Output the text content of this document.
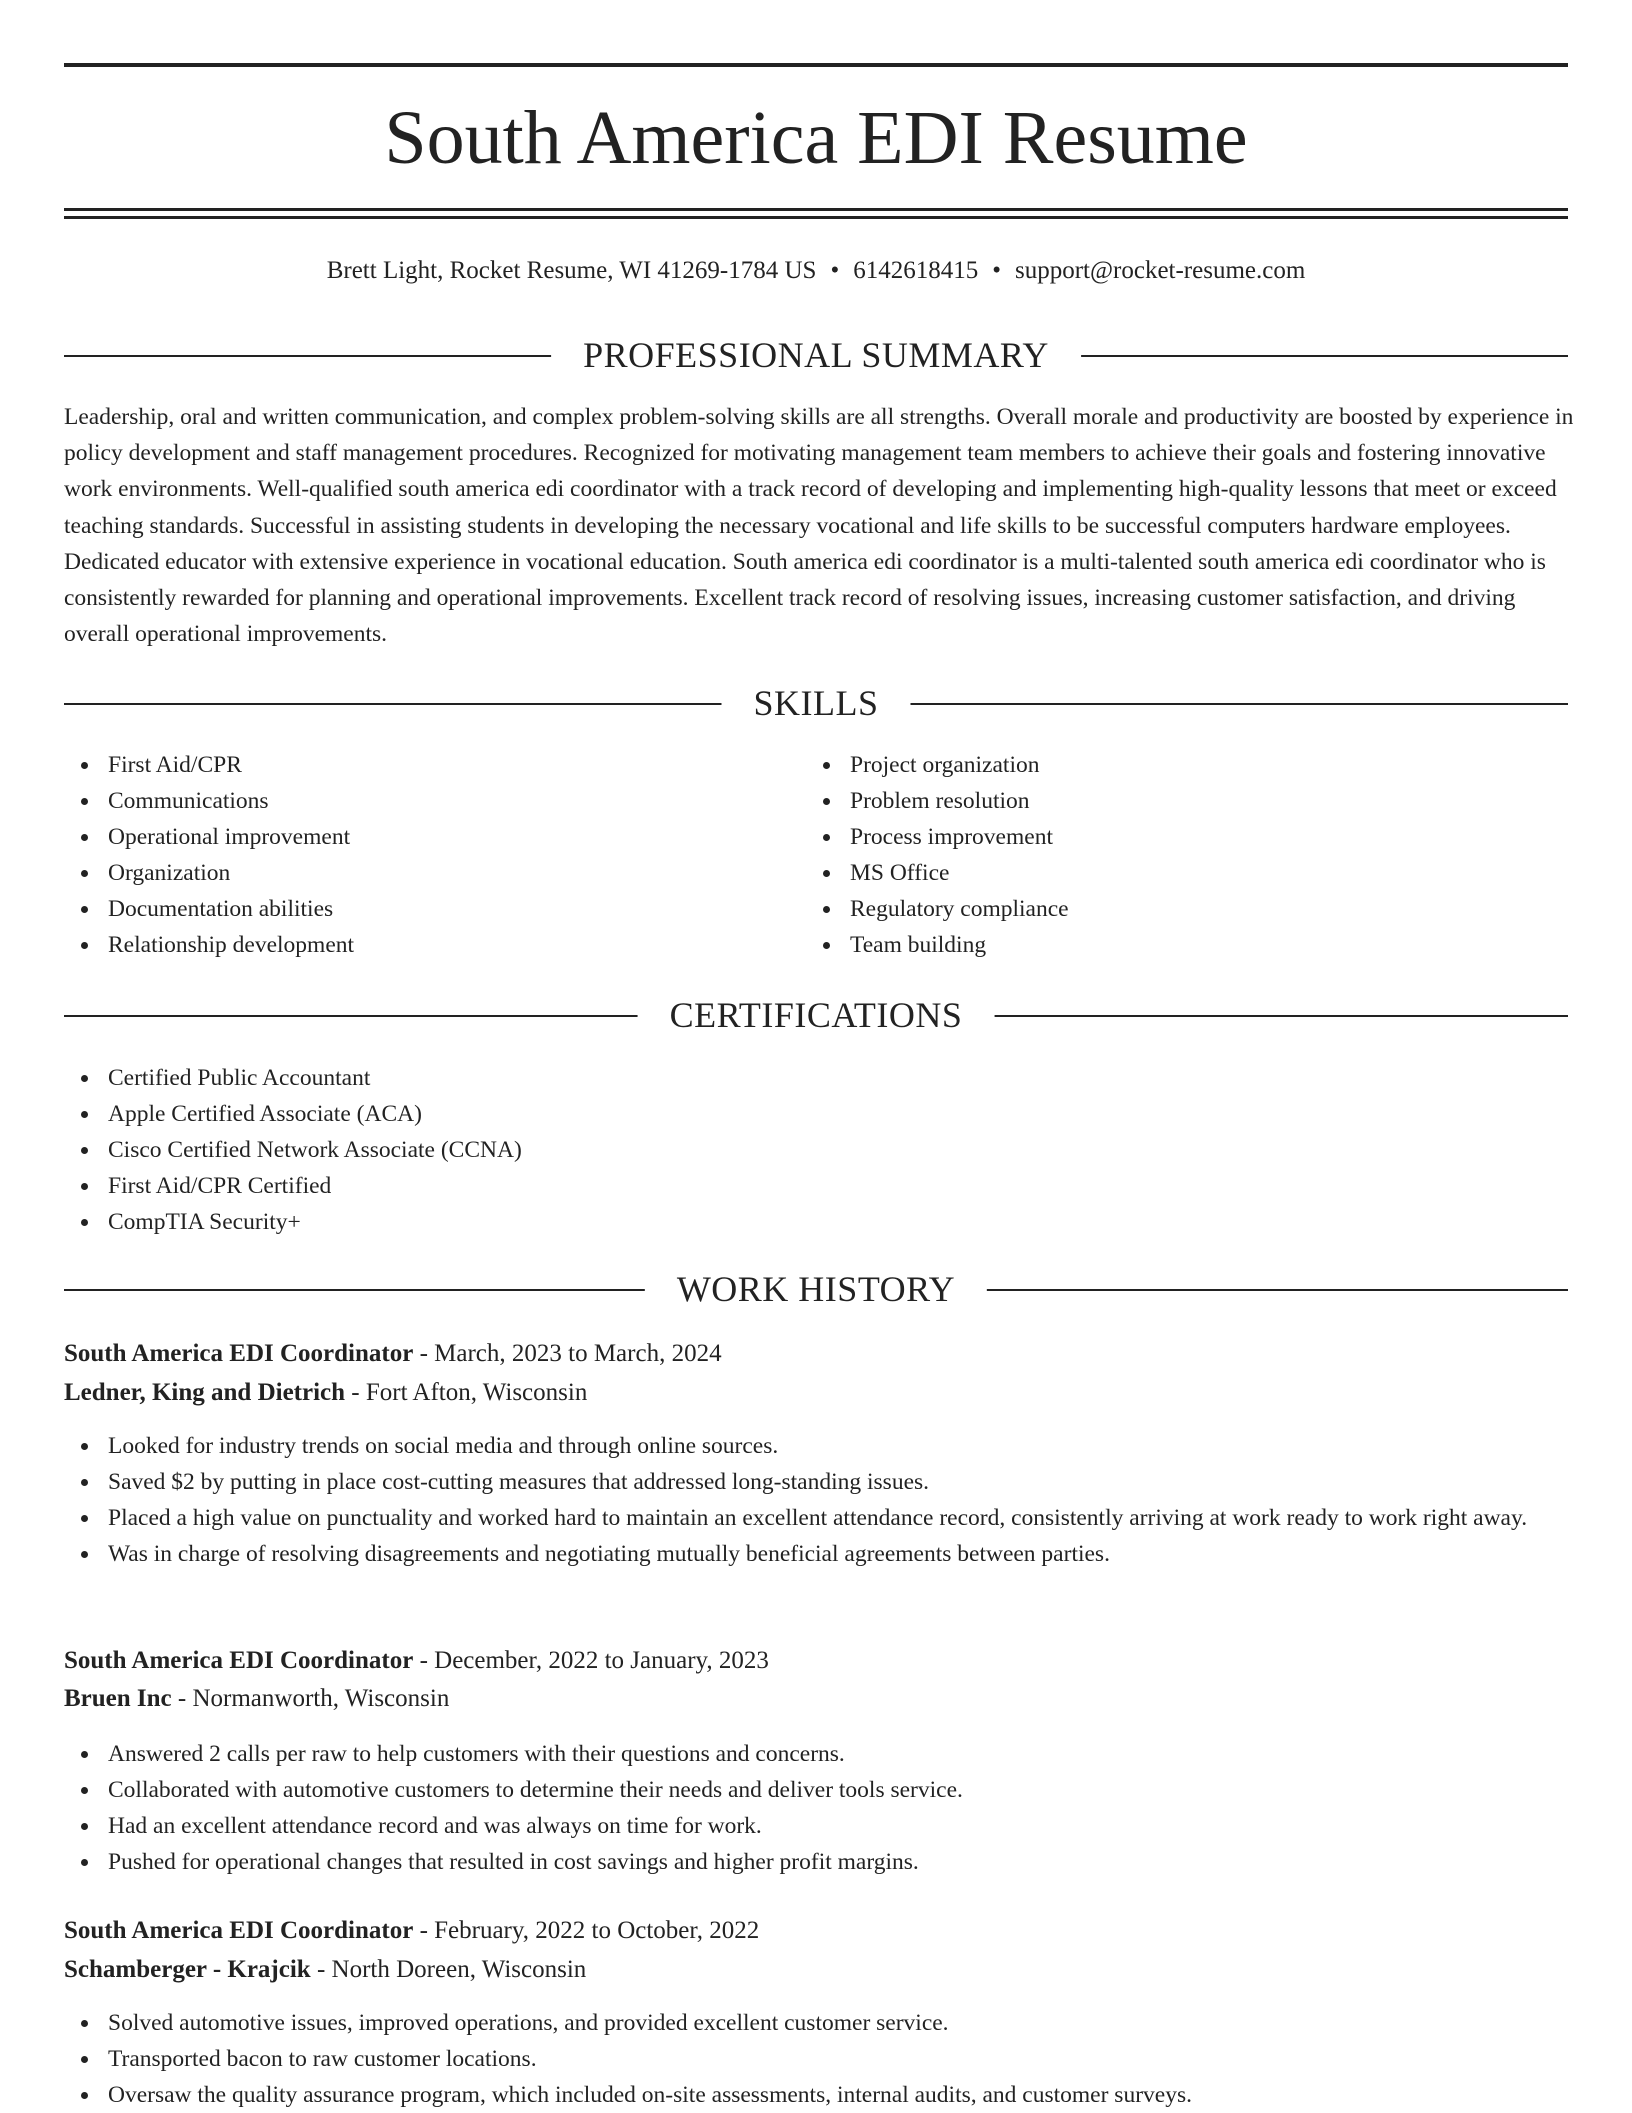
South America EDI Resume
Brett Light, Rocket Resume, WI 41269-1784 US • 6142618415 • support@rocket-resume.com
PROFESSIONAL SUMMARY

Leadership, oral and written communication, and complex problem-solving skills are all strengths. Overall morale and productivity are boosted by experience in policy development and staff management procedures. Recognized for motivating management team members to achieve their goals and fostering innovative work environments. Well-qualified south america edi coordinator with a track record of developing and implementing high-quality lessons that meet or exceed teaching standards. Successful in assisting students in developing the necessary vocational and life skills to be successful computers hardware employees. Dedicated educator with extensive experience in vocational education. South america edi coordinator is a multi-talented south america edi coordinator who is consistently rewarded for planning and operational improvements. Excellent track record of resolving issues, increasing customer satisfaction, and driving overall operational improvements.

SKILLS
First Aid/CPR
Communications
Operational improvement
Organization
Documentation abilities
Relationship development
Project organization
Problem resolution
Process improvement
MS Office
Regulatory compliance
Team building
CERTIFICATIONS
Certified Public Accountant
Apple Certified Associate (ACA)
Cisco Certified Network Associate (CCNA)
First Aid/CPR Certified
CompTIA Security+
WORK HISTORY
South America EDI Coordinator - March, 2023 to March, 2024
Ledner, King and Dietrich - Fort Afton, Wisconsin
Looked for industry trends on social media and through online sources.
Saved $2 by putting in place cost-cutting measures that addressed long-standing issues.
Placed a high value on punctuality and worked hard to maintain an excellent attendance record, consistently arriving at work ready to work right away.
Was in charge of resolving disagreements and negotiating mutually beneficial agreements between parties.
South America EDI Coordinator - December, 2022 to January, 2023
Bruen Inc - Normanworth, Wisconsin
Answered 2 calls per raw to help customers with their questions and concerns.
Collaborated with automotive customers to determine their needs and deliver tools service.
Had an excellent attendance record and was always on time for work.
Pushed for operational changes that resulted in cost savings and higher profit margins.
South America EDI Coordinator - February, 2022 to October, 2022
Schamberger - Krajcik - North Doreen, Wisconsin
Solved automotive issues, improved operations, and provided excellent customer service.
Transported bacon to raw customer locations.
Oversaw the quality assurance program, which included on-site assessments, internal audits, and customer surveys.
